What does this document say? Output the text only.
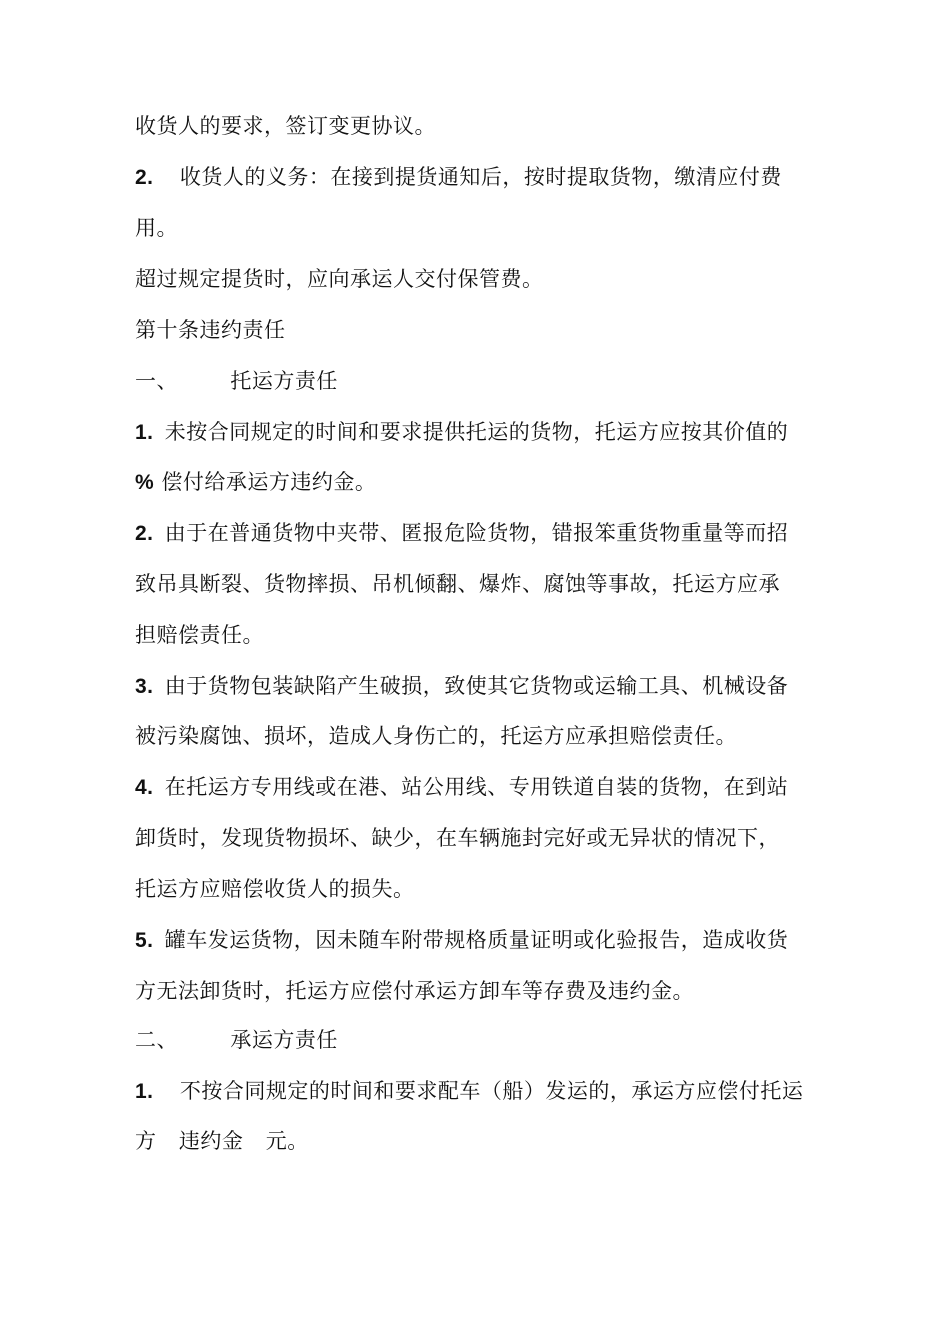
收货人的要求，签订变更协议。
2. 收货人的义务：在接到提货通知后，按时提取货物，缴清应付费
用。
超过规定提货时，应向承运人交付保管费。
第十条违约责任
一、 托运方责任
1. 未按合同规定的时间和要求提供托运的货物，托运方应按其价值的
% 偿付给承运方违约金。
2. 由于在普通货物中夹带、匿报危险货物，错报笨重货物重量等而招
致吊具断裂、货物摔损、吊机倾翻、爆炸、腐蚀等事故，托运方应承
担赔偿责任。
3. 由于货物包装缺陷产生破损，致使其它货物或运输工具、机械设备
被污染腐蚀、损坏，造成人身伤亡的，托运方应承担赔偿责任。
4. 在托运方专用线或在港、站公用线、专用铁道自装的货物，在到站
卸货时，发现货物损坏、缺少，在车辆施封完好或无异状的情况下，
托运方应赔偿收货人的损失。
5. 罐车发运货物，因未随车附带规格质量证明或化验报告，造成收货
方无法卸货时，托运方应偿付承运方卸车等存费及违约金。
二、 承运方责任
1. 不按合同规定的时间和要求配车（船）发运的，承运方应偿付托运
方 违约金 元。
